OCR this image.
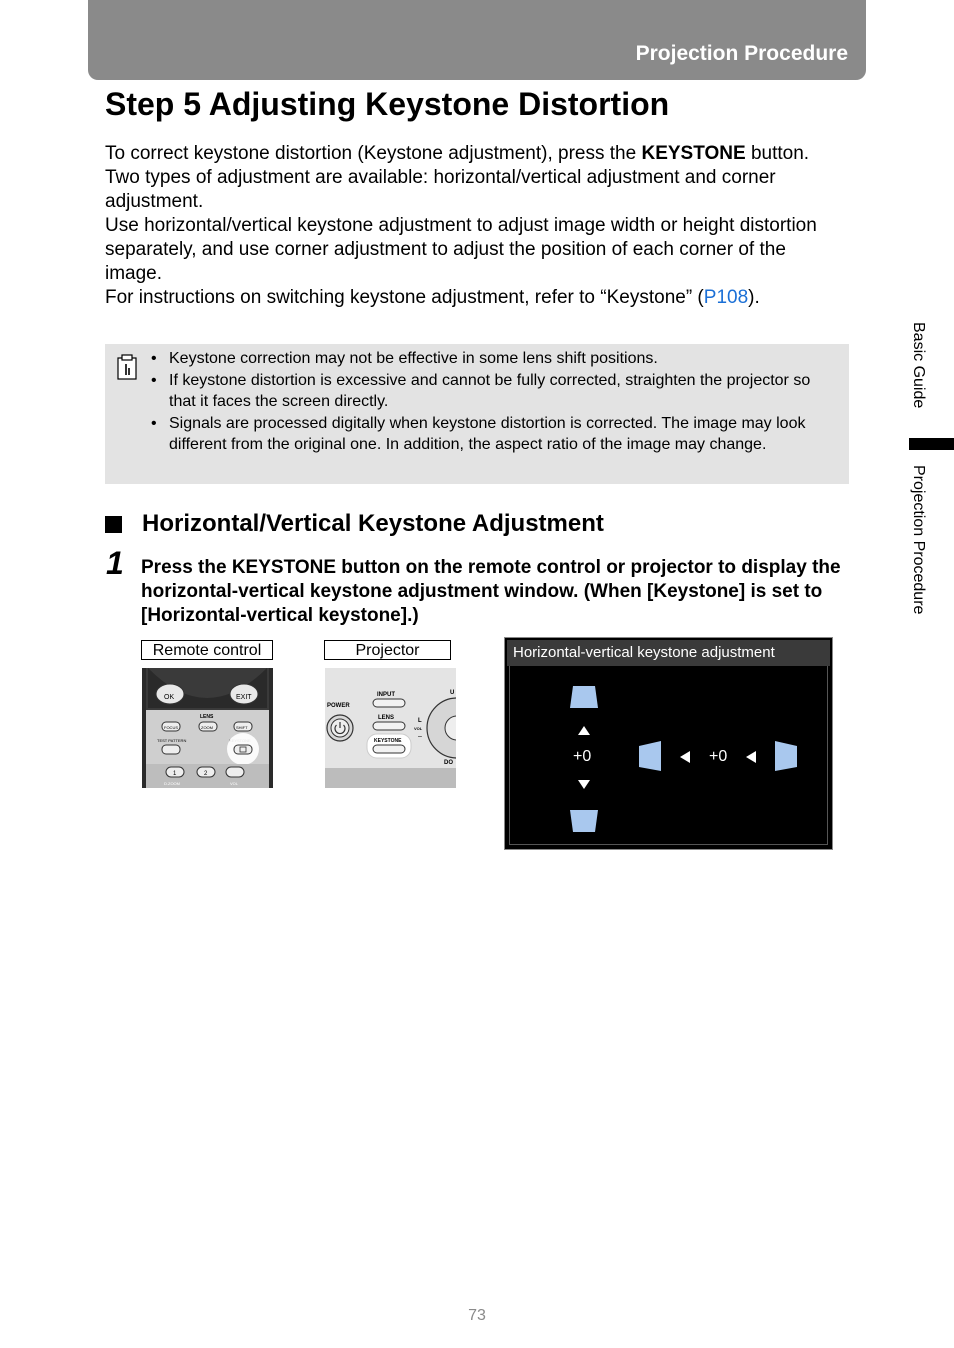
Projection Procedure
Step 5 Adjusting Keystone Distortion

To correct keystone distortion (Keystone adjustment), press the KEYSTONE button.

Two types of adjustment are available: horizontal/vertical adjustment and corner adjustment.

Use horizontal/vertical keystone adjustment to adjust image width or height distortion separately, and use corner adjustment to adjust the position of each corner of the image.

For instructions on switching keystone adjustment, refer to “Keystone” (P108).

• Keystone correction may not be effective in some lens shift positions.
• If keystone distortion is excessive and cannot be fully corrected, straighten the projector so that it faces the screen directly.
• Signals are processed digitally when keystone distortion is corrected. The image may look different from the original one. In addition, the aspect ratio of the image may change.
Horizontal/Vertical Keystone Adjustment
1 Press the KEYSTONE button on the remote control or projector to display the horizontal-vertical keystone adjustment window. (When [Keystone] is set to [Horizontal-vertical keystone].)
Remote control	Projector
OK	EXIT
LENS
FOCUS	ZOOM	SHIFT
TEST PATTERN
1	2
D.ZOOM	VOL
POWER
INPUT
LENS
KEYSTONE
L
VOL
–
U
DO
Horizontal-vertical keystone adjustment
+0	+0
Basic Guide
Projection Procedure
73
